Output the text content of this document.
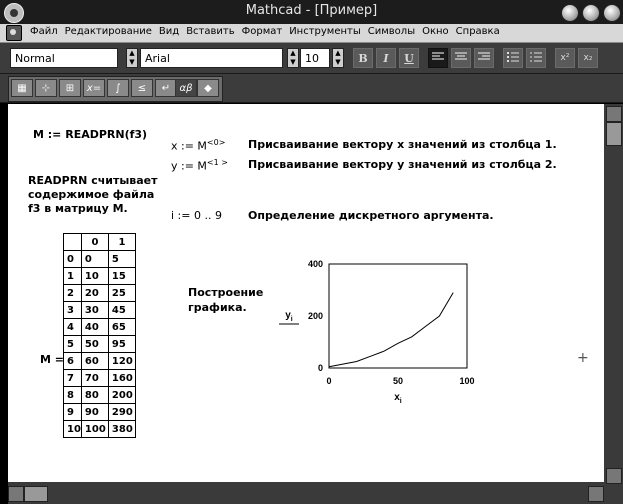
Mathcad - [Пример]
Файл Редактирование Вид Вставить Формат Инструменты Символы Окно Справка
Normal	▲
▼ Arial	▲
▼ 10	▲
▼	B	I	U	x²	x₂
▦	⊹	⊞	x=	∫	≤	↵ αβ	◆
M := READPRN(f3)
READPRN считывает
содержимое файла
f3 в матрицу M.
x := $M^{<0>}$ Присваивание вектору x значений из столбца 1.
y := $M^{<1 >}$ Присваивание вектору y значений из столбца 2.
i := 0 .. 9 Определение дискретного аргумента.
Построение
графика.
M =
	0	1
0	0	5
1	10	15
2	20	25
3	30	45
4	40	65
5	50	95
6	60	120
7	70	160
8	80	200
9	90	290
10	100	380
0	50	100
0
200
400
$x_i$
$y_i$
+
